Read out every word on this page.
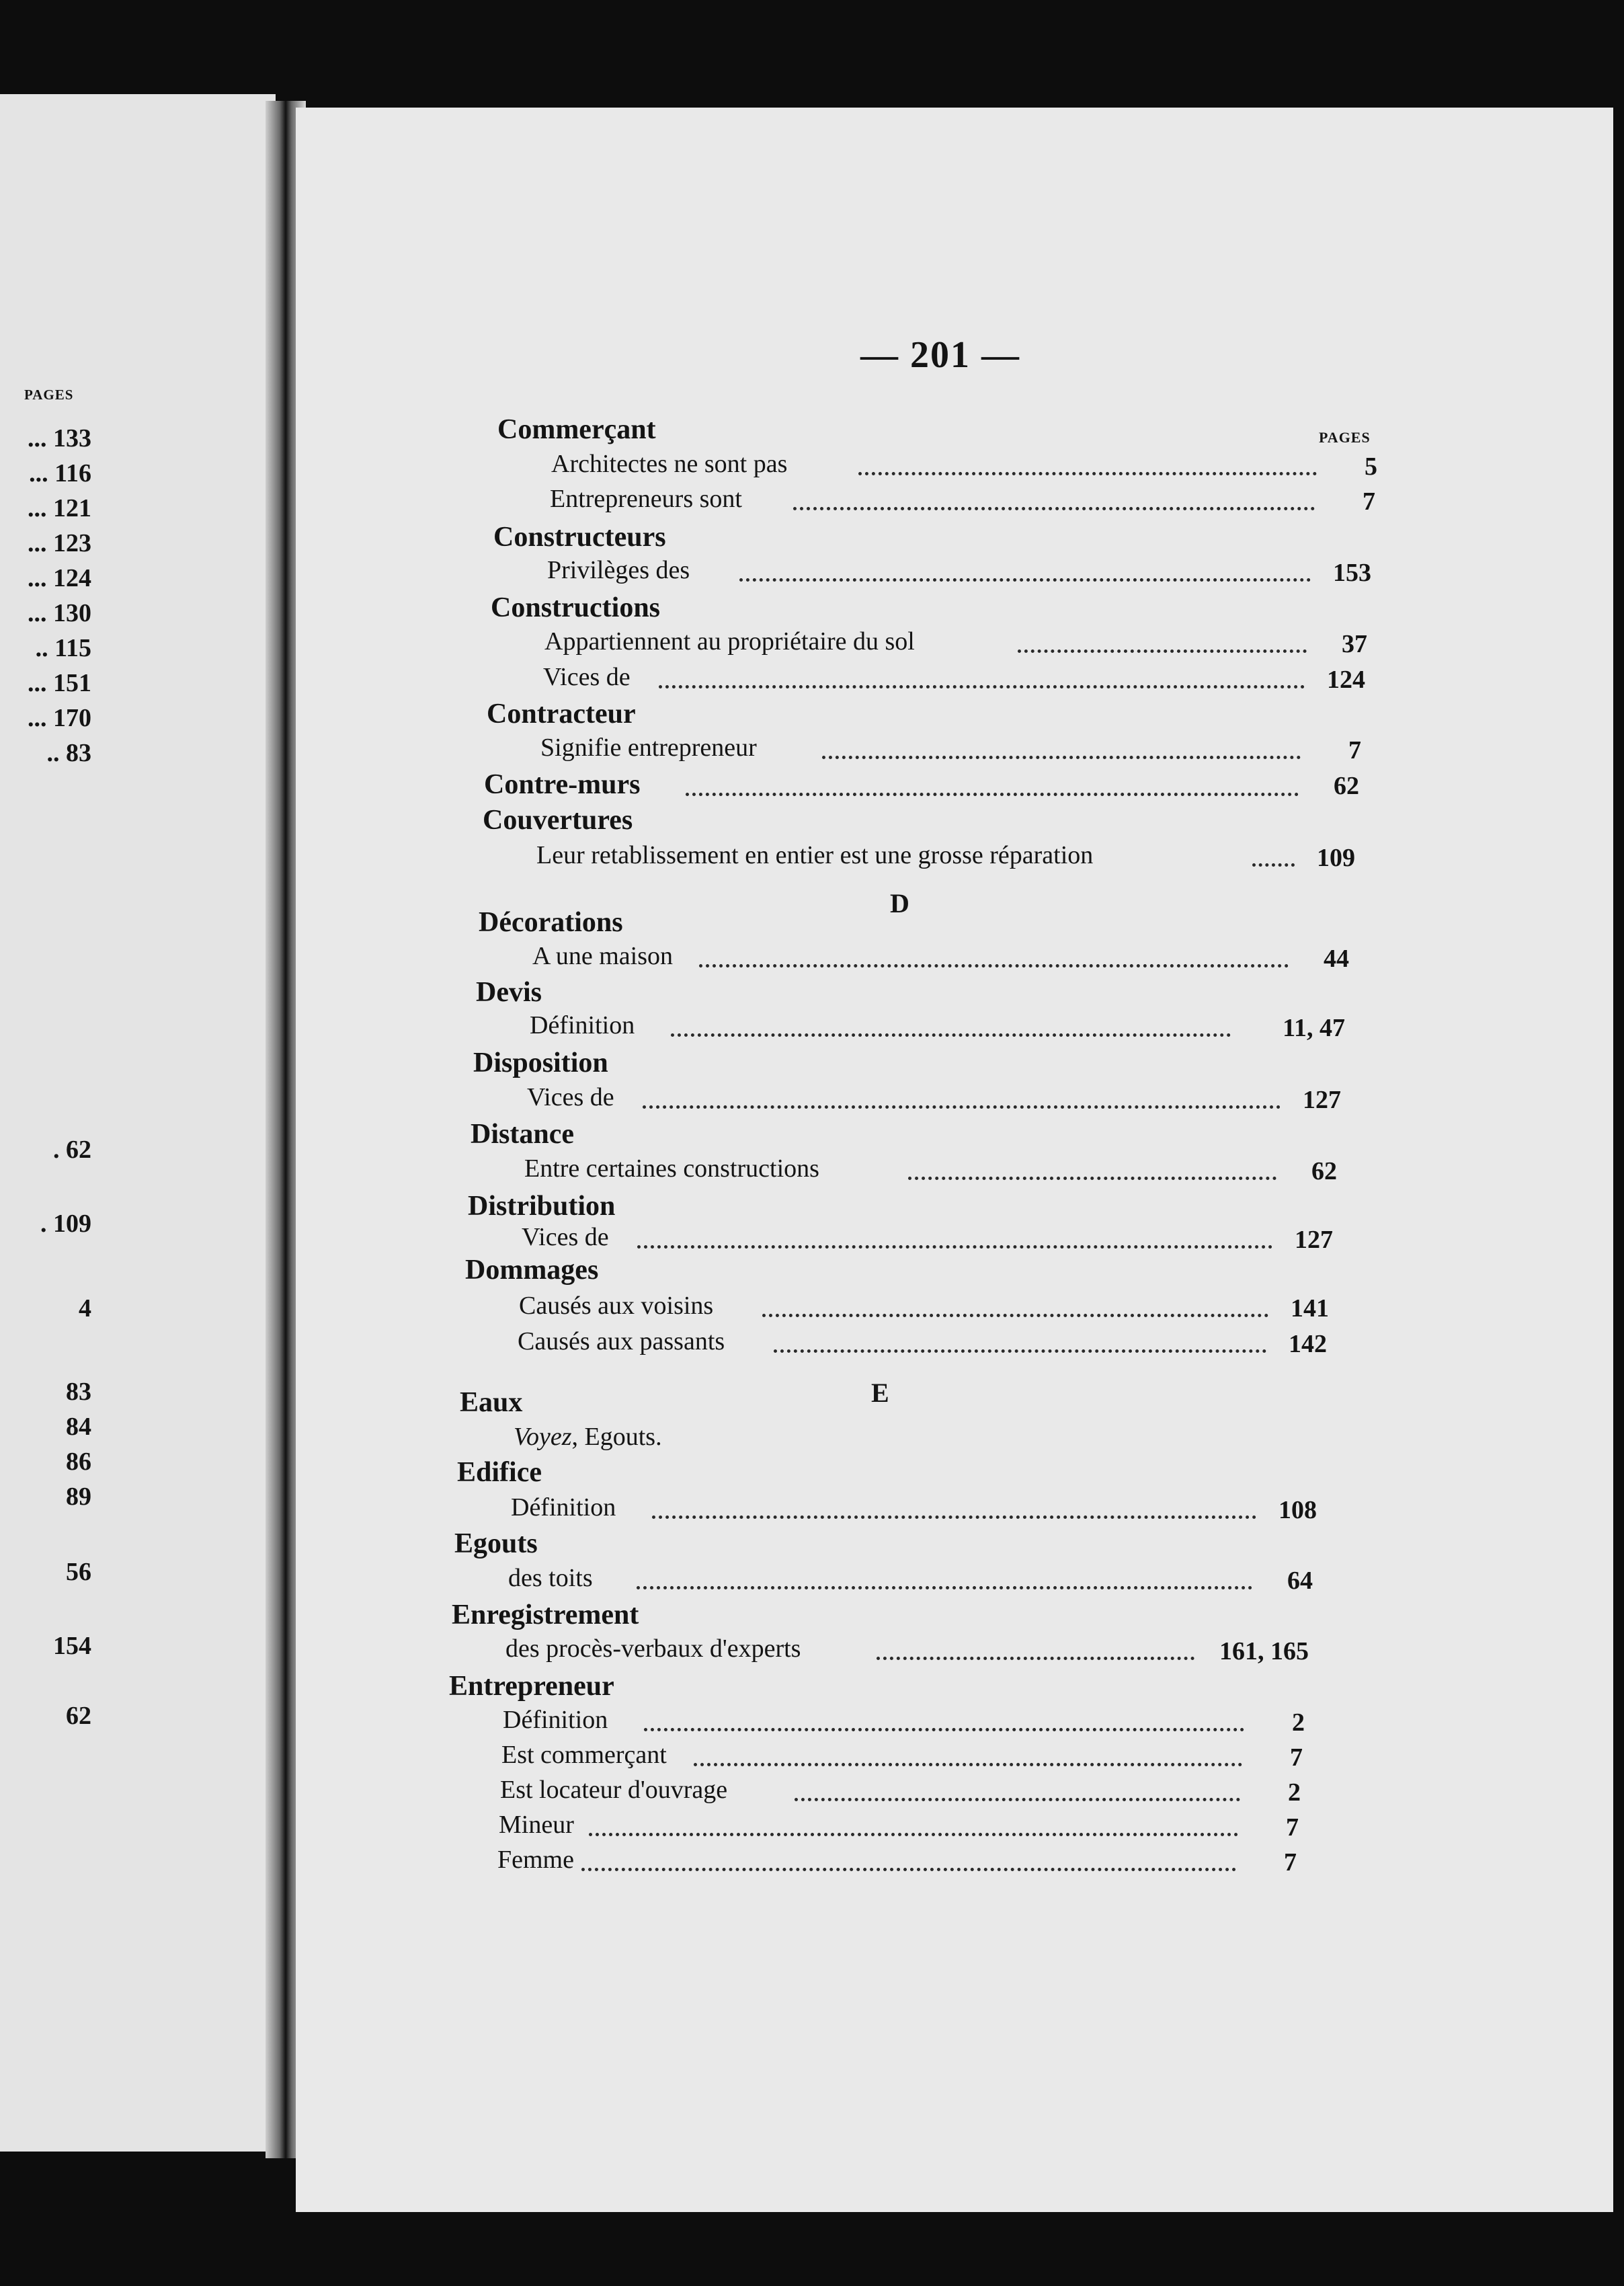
PAGES
... 133
... 116
... 121
... 123
... 124
... 130
.. 115
... 151
... 170
.. 83
. 62
. 109
4
83
84
86
89
56
154
62
— 201 —
PAGES
Commerçant
Architectes ne sont pas	5
Entrepreneurs sont	7
Constructeurs
Privilèges des	153
Constructions
Appartiennent au propriétaire du sol	37
Vices de	124
Contracteur
Signifie entrepreneur	7
Contre-murs	62
Couvertures
Leur retablissement en entier est une grosse réparation	109
D
Décorations
A une maison	44
Devis
Définition	11, 47
Disposition
Vices de	127
Distance
Entre certaines constructions	62
Distribution
Vices de	127
Dommages
Causés aux voisins	141
Causés aux passants	142
E
Eaux
Voyez, Egouts.
Edifice
Définition	108
Egouts
des toits	64
Enregistrement
des procès-verbaux d'experts	161, 165
Entrepreneur
Définition	2
Est commerçant	7
Est locateur d'ouvrage	2
Mineur	7
Femme	7
